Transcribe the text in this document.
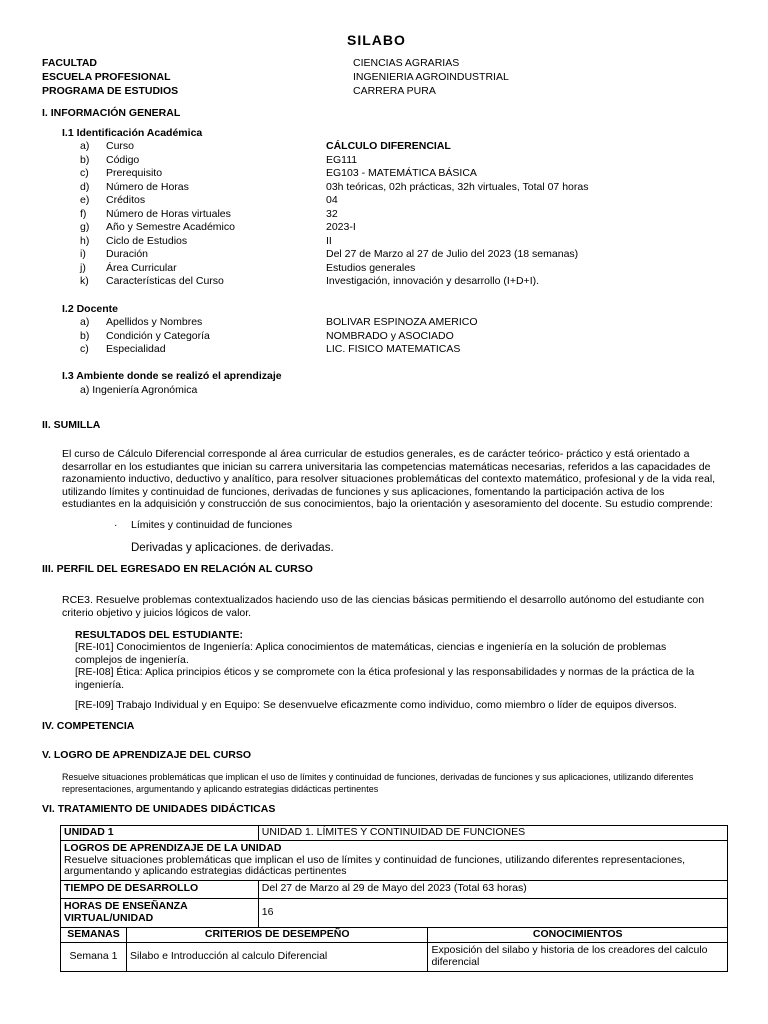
SILABO
FACULTAD	CIENCIAS AGRARIAS
ESCUELA PROFESIONAL	INGENIERIA AGROINDUSTRIAL
PROGRAMA DE ESTUDIOS	CARRERA PURA
I. INFORMACIÓN GENERAL
I.1 Identificación Académica
a) Curso	CÁLCULO DIFERENCIAL
b) Código	EG111
c) Prerequisito	EG103 - MATEMÁTICA BÁSICA
d) Número de Horas	03h teóricas, 02h prácticas, 32h virtuales, Total 07 horas
e) Créditos	04
f) Número de Horas virtuales	32
g) Año y Semestre Académico	2023-I
h) Ciclo de Estudios	II
i) Duración	Del 27 de Marzo al 27 de Julio del 2023 (18 semanas)
j) Área Curricular	Estudios generales
k) Características del Curso	Investigación, innovación y desarrollo (I+D+I).
I.2 Docente
a) Apellidos y Nombres	BOLIVAR ESPINOZA AMERICO
b) Condición y Categoría	NOMBRADO y ASOCIADO
c) Especialidad	LIC. FISICO MATEMATICAS
I.3 Ambiente donde se realizó el aprendizaje
a) Ingeniería Agronómica
II. SUMILLA
El curso de Cálculo Diferencial corresponde al área curricular de estudios generales, es de carácter teórico- práctico y está orientado a
desarrollar en los estudiantes que inician su carrera universitaria las competencias matemáticas necesarias, referidos a las capacidades de
razonamiento inductivo, deductivo y analítico, para resolver situaciones problemáticas del contexto matemático, profesional y de la vida real,
utilizando límites y continuidad de funciones, derivadas de funciones y sus aplicaciones, fomentando la participación activa de los
estudiantes en la adquisición y construcción de sus conocimientos, bajo la orientación y asesoramiento del docente. Su estudio comprende:
· Límites y continuidad de funciones
Derivadas y aplicaciones. de derivadas.
III. PERFIL DEL EGRESADO EN RELACIÓN AL CURSO
RCE3. Resuelve problemas contextualizados haciendo uso de las ciencias básicas permitiendo el desarrollo autónomo del estudiante con
criterio objetivo y juicios lógicos de valor.
RESULTADOS DEL ESTUDIANTE:
[RE-I01] Conocimientos de Ingeniería: Aplica conocimientos de matemáticas, ciencias e ingeniería en la solución de problemas
complejos de ingeniería.
[RE-I08] Ética: Aplica principios éticos y se compromete con la ética profesional y las responsabilidades y normas de la práctica de la
ingeniería.
[RE-I09] Trabajo Individual y en Equipo: Se desenvuelve eficazmente como individuo, como miembro o líder de equipos diversos.
IV. COMPETENCIA
V. LOGRO DE APRENDIZAJE DEL CURSO
Resuelve situaciones problemáticas que implican el uso de límites y continuidad de funciones, derivadas de funciones y sus aplicaciones, utilizando diferentes
representaciones, argumentando y aplicando estrategias didácticas pertinentes
VI. TRATAMIENTO DE UNIDADES DIDÁCTICAS
UNIDAD 1		UNIDAD 1. LÍMITES Y CONTINUIDAD DE FUNCIONES	

LOGROS DE APRENDIZAJE DE LA UNIDAD
Resuelve situaciones problemáticas que implican el uso de límites y continuidad de funciones, utilizando diferentes representaciones,
argumentando y aplicando estrategias didácticas pertinentes			

TIEMPO DE DESARROLLO		Del 27 de Marzo al 29 de Mayo del 2023 (Total 63 horas)	

HORAS DE ENSEÑANZA
VIRTUAL/UNIDAD		16	
SEMANAS	CRITERIOS DE DESEMPEÑO		CONOCIMIENTOS
Semana 1	Silabo e Introducción al calculo Diferencial		Exposición del silabo y historia de los creadores del calculo
diferencial
